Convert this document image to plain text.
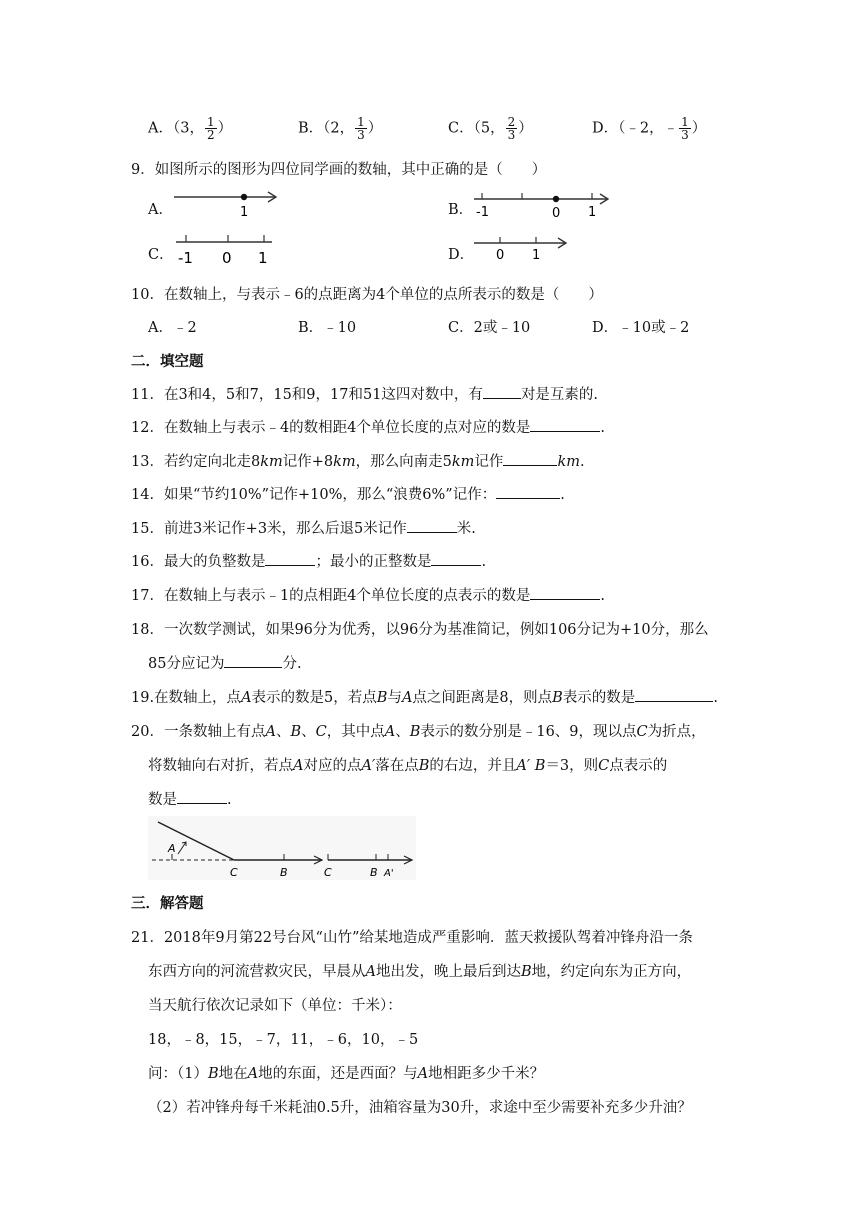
A．（3， $\frac{1}{2}$ ）	B．（2， $\frac{1}{3}$ ）	C．（5， $\frac{2}{3}$ ）	D．（﹣2，﹣ $\frac{1}{3}$ ）
9．如图所示的图形为四位同学画的数轴，其中正确的是（　　）
A．	1	B． -1	0 1
C． -1 0 1	D． 0 1
10．在数轴上，与表示﹣6的点距离为4个单位的点所表示的数是（　　）
A．﹣2	B．﹣10	C．2或﹣10	D．﹣10或﹣2
二．填空题
11．在3和4，5和7，15和9，17和51这四对数中，有	对是互素的.
12．在数轴上与表示﹣4的数相距4个单位长度的点对应的数是	.
13．若约定向北走8km记作+8km，那么向南走5km记作	km.
14．如果“节约10%”记作+10%，那么“浪费6%”记作：	.
15．前进3米记作+3米，那么后退5米记作	米.
16．最大的负整数是	；最小的正整数是	.
17．在数轴上与表示﹣1的点相距4个单位长度的点表示的数是	.
18．一次数学测试，如果96分为优秀，以96分为基准简记，例如106分记为+10分，那么
85分应记为	分.
19.在数轴上，点A表示的数是5，若点B与A点之间距离是8，则点B表示的数是	.
20．一条数轴上有点A、B、C，其中点A、B表示的数分别是﹣16、9，现以点C为折点，
将数轴向右对折，若点A对应的点A′落在点B的右边，并且A′ B＝3，则C点表示的
数是	.
A
C	B	C	B A'
三．解答题
21．2018年9月第22号台风“山竹”给某地造成严重影响．蓝天救援队驾着冲锋舟沿一条
东西方向的河流营救灾民，早晨从A地出发，晚上最后到达B地，约定向东为正方向，
当天航行依次记录如下（单位：千米）：
18，﹣8，15，﹣7，11，﹣6，10，﹣5
问：（1）B地在A地的东面，还是西面？与A地相距多少千米？
（2）若冲锋舟每千米耗油0.5升，油箱容量为30升，求途中至少需要补充多少升油？
